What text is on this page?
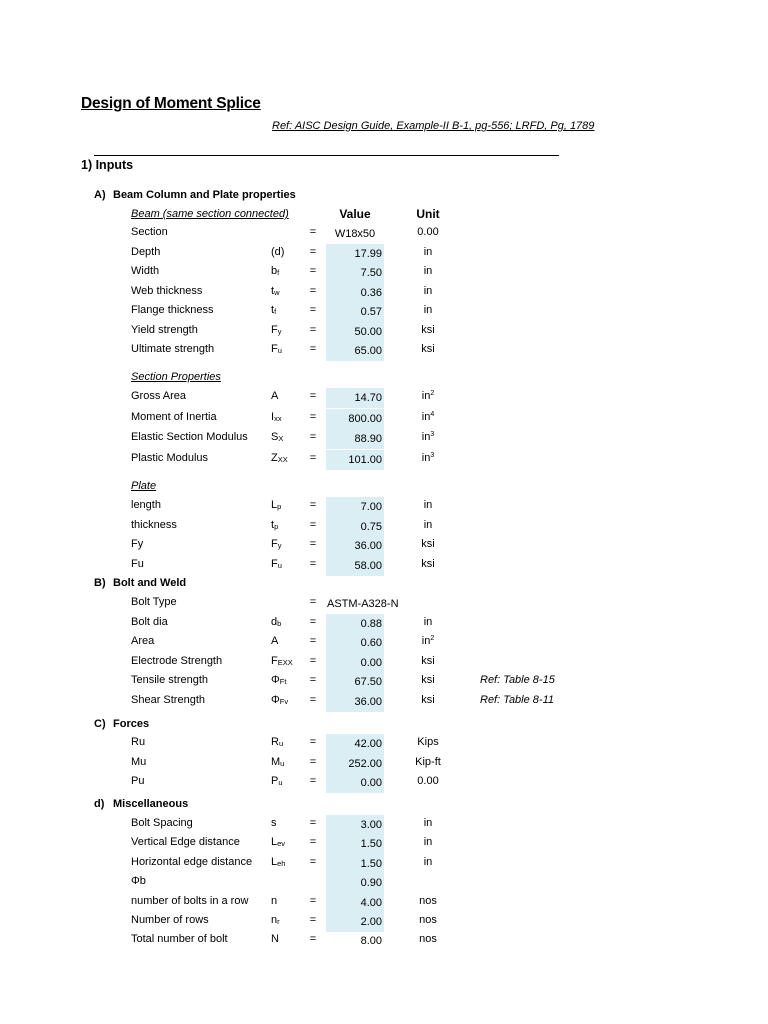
Design of Moment Splice
Ref: AISC Design Guide, Example-II B-1, pg-556; LRFD, Pg, 1789
1) Inputs
A) Beam Column and Plate properties
Beam (same section connected)	Value	Unit
Section	=	W18x50	0.00
Depth	(d) =	17.99	in
Width	$b_f$	=	7.50	in
Web thickness	$t_w$	=	0.36	in
Flange thickness	$t_f$	=	0.57	in
Yield strength	$F_y$	=	50.00	ksi
Ultimate strength	$F_u$	=	65.00	ksi
Section Properties
Gross Area	A	=	14.70	$in^2$
Moment of Inertia	$I_{xx}$	=	800.00	$in^4$
Elastic Section Modulus $S_X$ =	88.90	$in^3$
Plastic Modulus	$Z_{XX}$ =	101.00	$in^3$
Plate
length	$L_p$	=	7.00	in
thickness	$t_p$	=	0.75	in
Fy	$F_y$	=	36.00	ksi
Fu	$F_u$	=	58.00	ksi
B) Bolt and Weld
Bolt Type	= ASTM-A328-N
Bolt dia	$d_b$	=	0.88	in
Area	A	=	0.60	$in^2$
Electrode Strength	$F_{EXX}$ =	0.00	ksi
Tensile strength	$\Phi_{Ft}$ =	67.50	ksi	Ref: Table 8-15
Shear Strength	$\Phi_{Fv}$ =	36.00	ksi	Ref: Table 8-11
C) Forces
Ru	$R_u$ =	42.00	Kips
Mu	$M_u$ =	252.00	Kip-ft
Pu	$P_u$ =	0.00	0.00
d) Miscellaneous
Bolt Spacing	s	=	3.00	in
Vertical Edge distance	$L_{ev}$ =	1.50	in
Horizontal edge distance $L_{eh}$ =	1.50	in
Φb	0.90
number of bolts in a row n	=	4.00	nos
Number of rows	$n_r$	=	2.00	nos
Total number of bolt	N	=	8.00	nos
